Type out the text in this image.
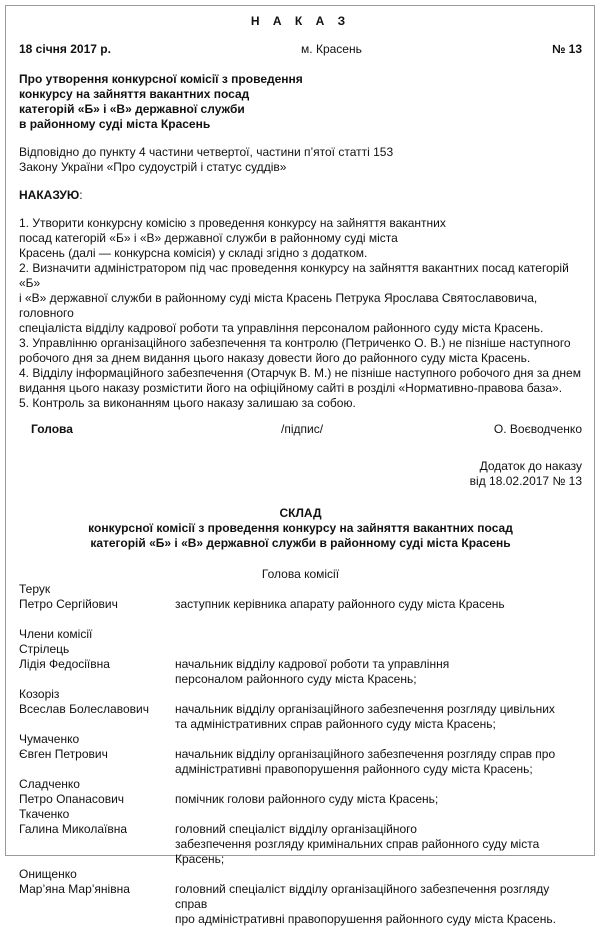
Н А К А З
18 січня 2017 р.	м. Красень	№ 13
Про утворення конкурсної комісії з проведення
конкурсу на зайняття вакантних посад
категорій «Б» і «В» державної служби
в районному суді міста Красень
Відповідно до пункту 4 частини четвертої, частини п’ятої статті 153
Закону України «Про судоустрій і статус суддів»
НАКАЗУЮ:
1. Утворити конкурсну комісію з проведення конкурсу на зайняття вакантних
посад категорій «Б» і «В» державної служби в районному суді міста
Красень (далі — конкурсна комісія) у складі згідно з додатком.
2. Визначити адміністратором під час проведення конкурсу на зайняття вакантних посад категорій «Б»
і «В» державної служби в районному суді міста Красень Петрука Ярослава Святославовича, головного
спеціаліста відділу кадрової роботи та управління персоналом районного суду міста Красень.
3. Управлінню організаційного забезпечення та контролю (Петриченко О. В.) не пізніше наступного
робочого дня за днем видання цього наказу довести його до районного суду міста Красень.
4. Відділу інформаційного забезпечення (Отарчук В. М.) не пізніше наступного робочого дня за днем
видання цього наказу розмістити його на офіційному сайті в розділі «Нормативно-правова база».
5. Контроль за виконанням цього наказу залишаю за собою.
Голова	/підпис/	О. Воєводченко
Додаток до наказу
від 18.02.2017 № 13
СКЛАД
конкурсної комісії з проведення конкурсу на зайняття вакантних посад
категорій «Б» і «В» державної служби в районному суді міста Красень
Голова комісії
Терук
Петро Сергійович	заступник керівника апарату районного суду міста Красень
Члени комісії
Стрілець
Лідія Федосіївна	начальник відділу кадрової роботи та управління
персоналом районного суду міста Красень;
Козоріз
Всеслав Болеславович	начальник відділу організаційного забезпечення розгляду цивільних
та адміністративних справ районного суду міста Красень;
Чумаченко
Євген Петрович	начальник відділу організаційного забезпечення розгляду справ про
адміністративні правопорушення районного суду міста Красень;
Сладченко
Петро Опанасович	помічник голови районного суду міста Красень;
Ткаченко
Галина Миколаївна	головний спеціаліст відділу організаційного
забезпечення розгляду кримінальних справ районного суду міста Красень;
Онищенко
Мар’яна Мар’янівна	головний спеціаліст відділу організаційного забезпечення розгляду справ
про адміністративні правопорушення районного суду міста Красень.
